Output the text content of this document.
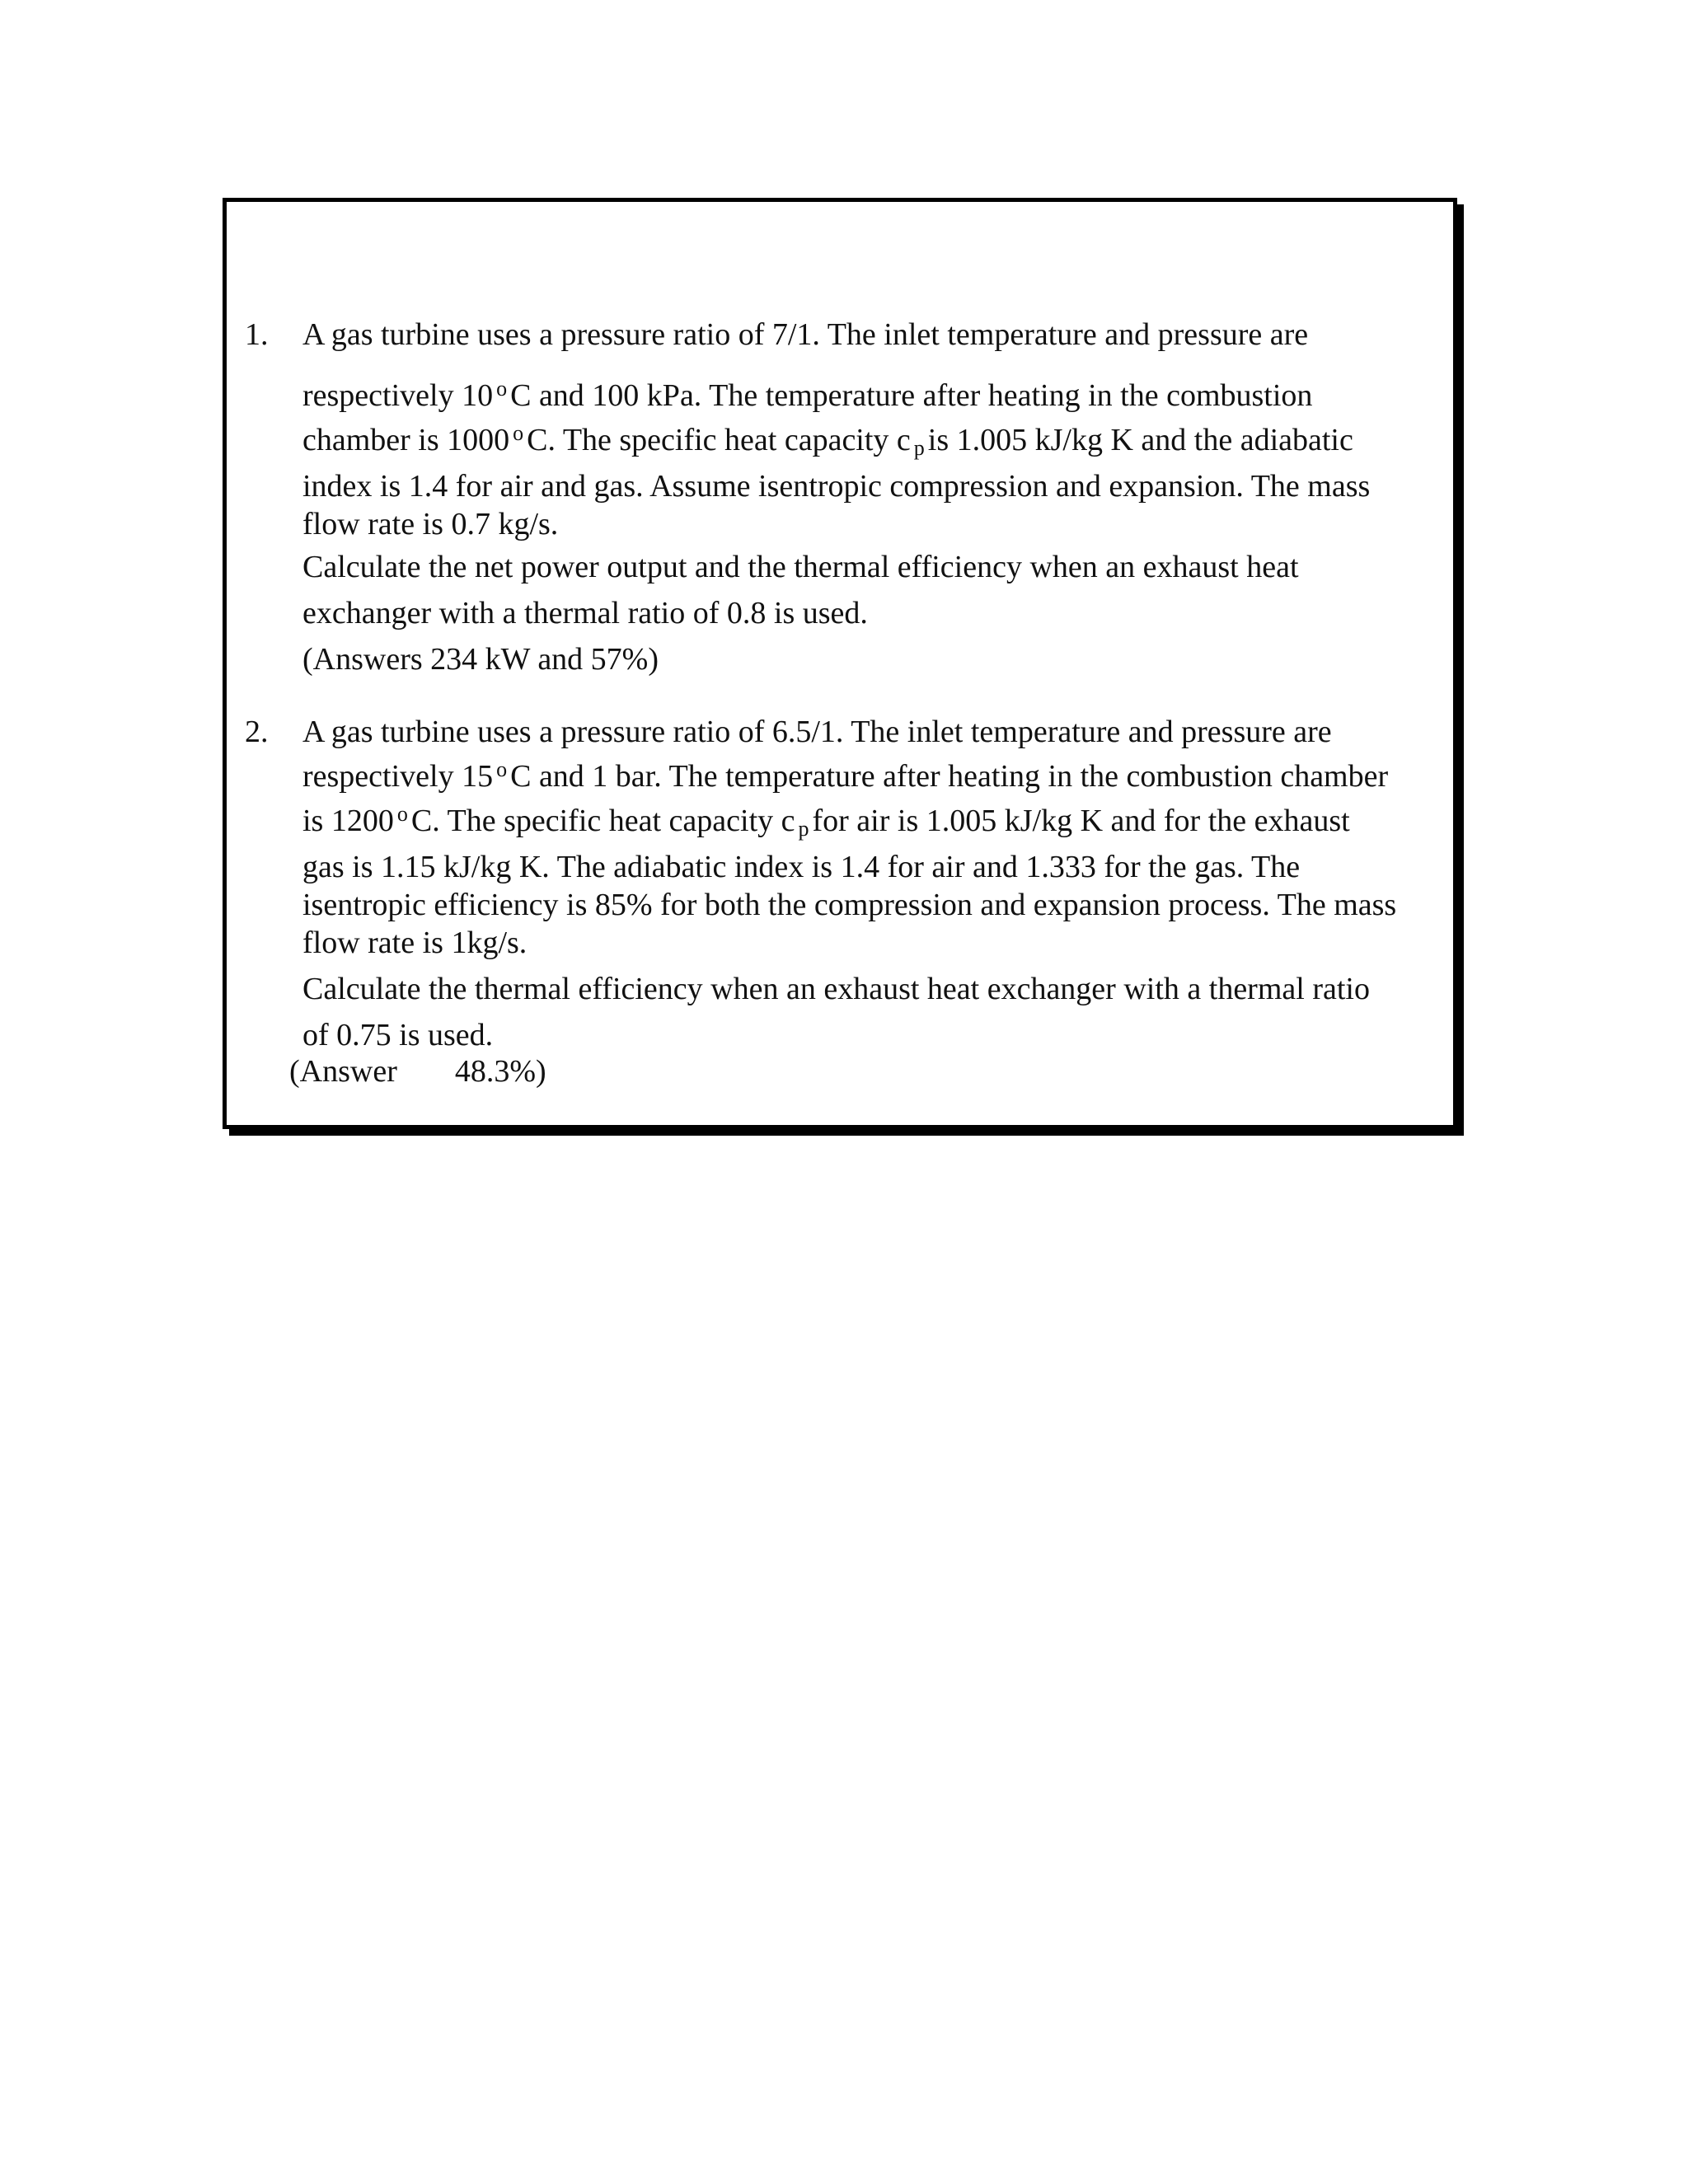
1. A gas turbine uses a pressure ratio of 7/1. The inlet temperature and pressure are
respectively 10 $^o$ C and 100 kPa. The temperature after heating in the combustion
chamber is 1000 $^o$ C. The specific heat capacity c $_p$ is 1.005 kJ/kg K and the adiabatic
index is 1.4 for air and gas. Assume isentropic compression and expansion. The mass
flow rate is 0.7 kg/s.
Calculate the net power output and the thermal efficiency when an exhaust heat
exchanger with a thermal ratio of 0.8 is used.
(Answers 234 kW and 57%)
2. A gas turbine uses a pressure ratio of 6.5/1. The inlet temperature and pressure are
respectively 15 $^o$ C and 1 bar. The temperature after heating in the combustion chamber
is 1200 $^o$ C. The specific heat capacity c $_p$ for air is 1.005 kJ/kg K and for the exhaust
gas is 1.15 kJ/kg K. The adiabatic index is 1.4 for air and 1.333 for the gas. The
isentropic efficiency is 85% for both the compression and expansion process. The mass
flow rate is 1kg/s.
Calculate the thermal efficiency when an exhaust heat exchanger with a thermal ratio
of 0.75 is used.
(Answer 48.3%)
